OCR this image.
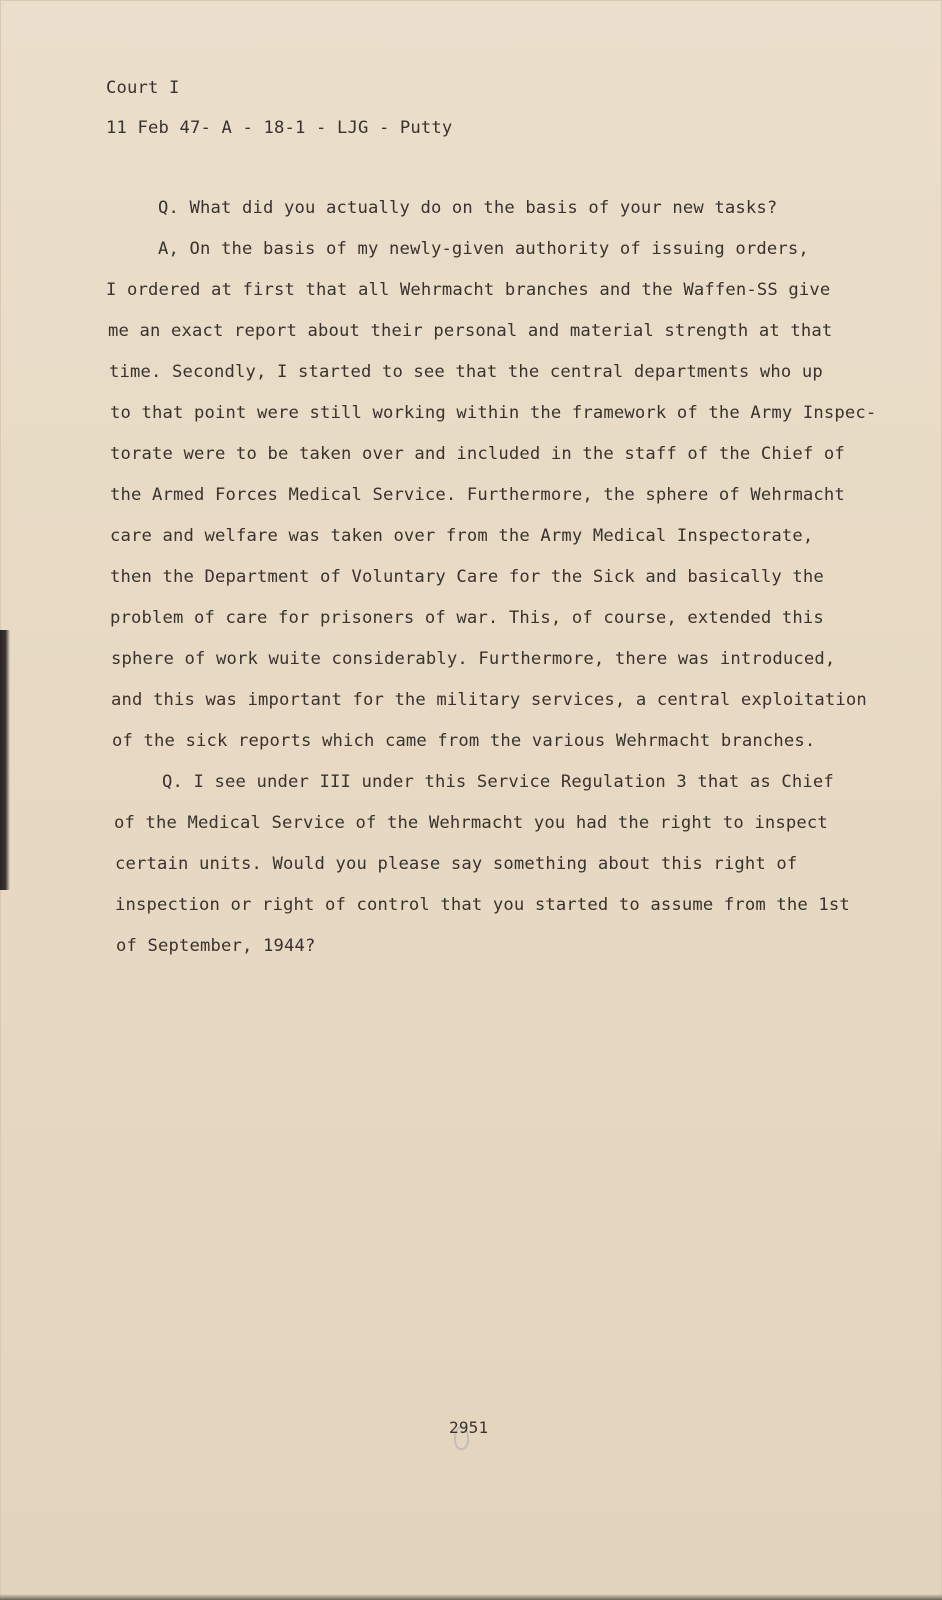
Court I
11 Feb 47- A - 18-1 - LJG - Putty
Q. What did you actually do on the basis of your new tasks?
A, On the basis of my newly-given authority of issuing orders,
I ordered at first that all Wehrmacht branches and the Waffen-SS give
me an exact report about their personal and material strength at that
time. Secondly, I started to see that the central departments who up
to that point were still working within the framework of the Army Inspec-
torate were to be taken over and included in the staff of the Chief of
the Armed Forces Medical Service. Furthermore, the sphere of Wehrmacht
care and welfare was taken over from the Army Medical Inspectorate,
then the Department of Voluntary Care for the Sick and basically the
problem of care for prisoners of war. This, of course, extended this
sphere of work wuite considerably. Furthermore, there was introduced,
and this was important for the military services, a central exploitation
of the sick reports which came from the various Wehrmacht branches.
Q. I see under III under this Service Regulation 3 that as Chief
of the Medical Service of the Wehrmacht you had the right to inspect
certain units. Would you please say something about this right of
inspection or right of control that you started to assume from the 1st
of September, 1944?
2951
